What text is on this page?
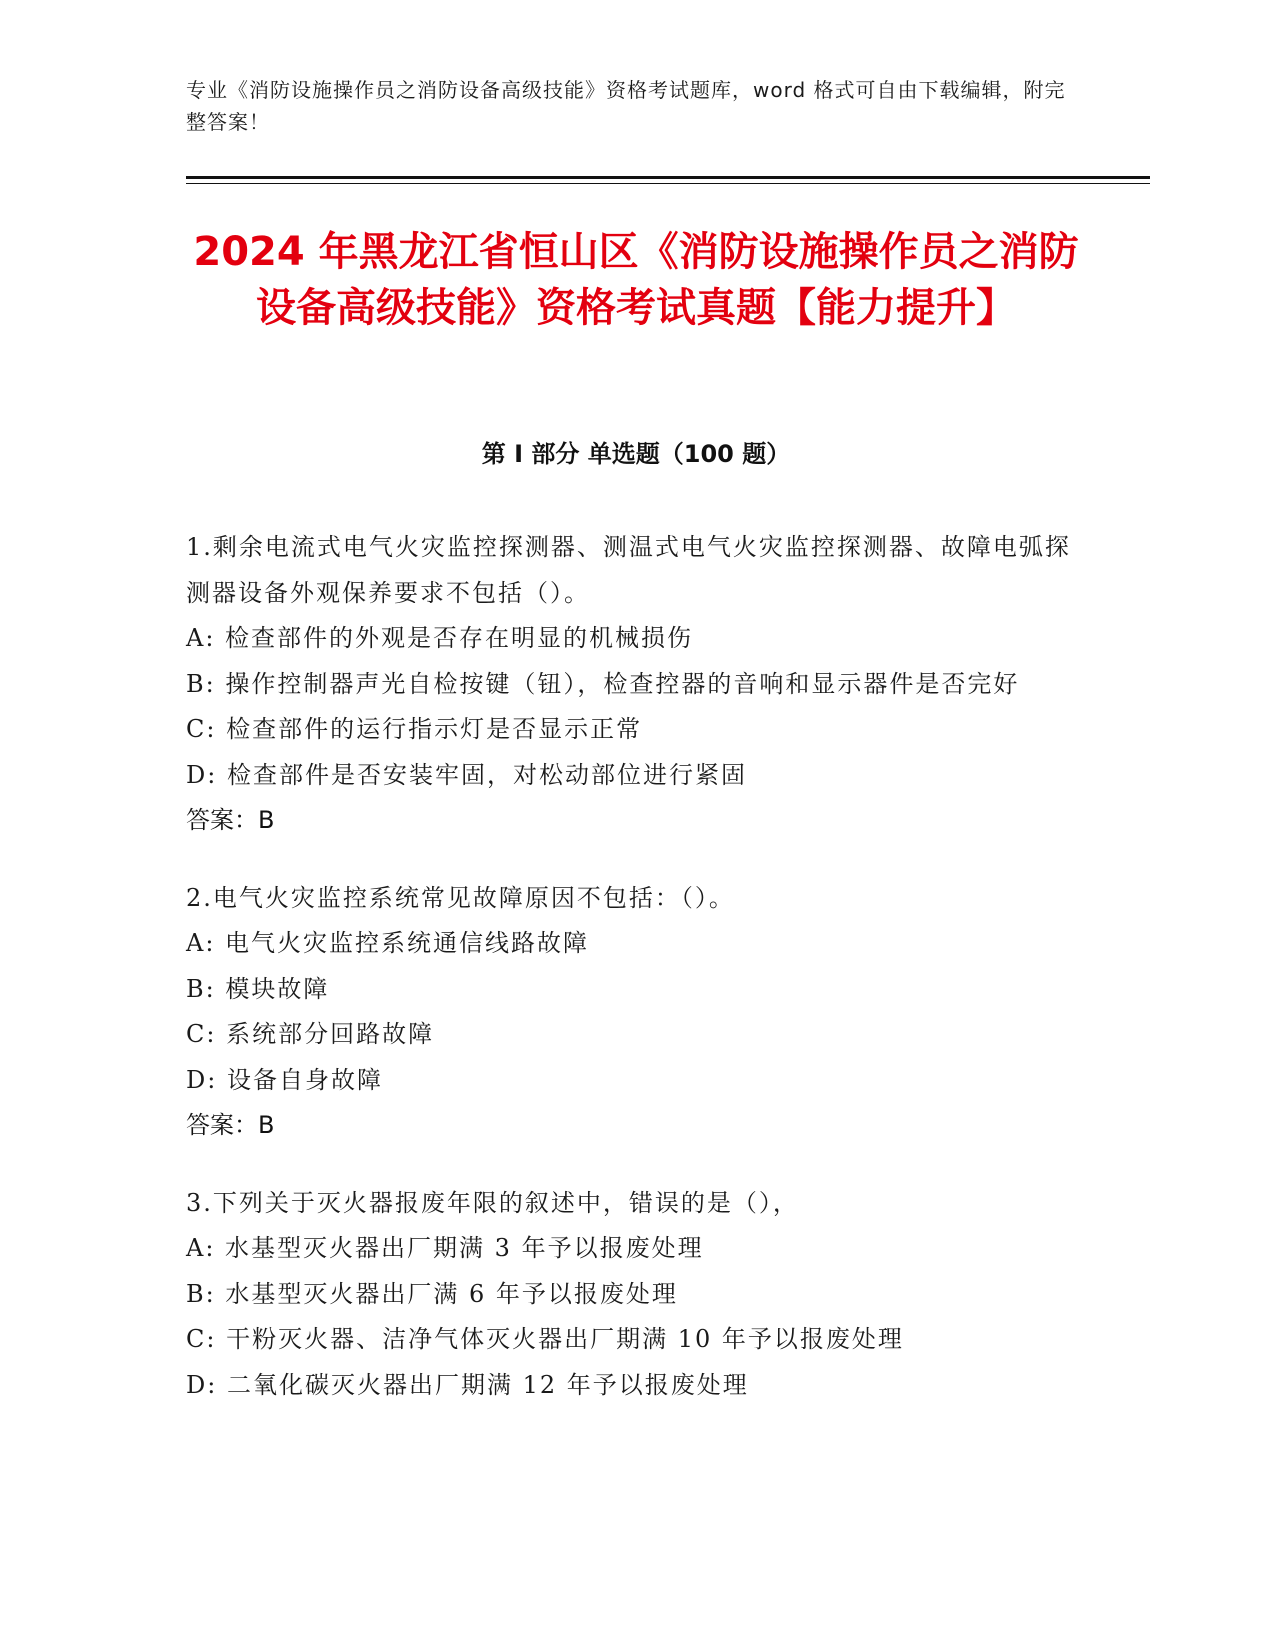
专业《消防设施操作员之消防设备高级技能》资格考试题库，word 格式可自由下载编辑，附完整答案！
2024 年黑龙江省恒山区《消防设施操作员之消防设备高级技能》资格考试真题【能力提升】
第 I 部分 单选题（100 题）
1.剩余电流式电气火灾监控探测器、测温式电气火灾监控探测器、故障电弧探测器设备外观保养要求不包括（）。
A: 检查部件的外观是否存在明显的机械损伤
B: 操作控制器声光自检按键（钮），检查控器的音响和显示器件是否完好
C: 检查部件的运行指示灯是否显示正常
D: 检查部件是否安装牢固，对松动部位进行紧固
答案：B
2.电气火灾监控系统常见故障原因不包括：（）。
A: 电气火灾监控系统通信线路故障
B: 模块故障
C: 系统部分回路故障
D: 设备自身故障
答案：B
3.下列关于灭火器报废年限的叙述中，错误的是（），
A: 水基型灭火器出厂期满 3 年予以报废处理
B: 水基型灭火器出厂满 6 年予以报废处理
C: 干粉灭火器、洁净气体灭火器出厂期满 10 年予以报废处理
D: 二氧化碳灭火器出厂期满 12 年予以报废处理
